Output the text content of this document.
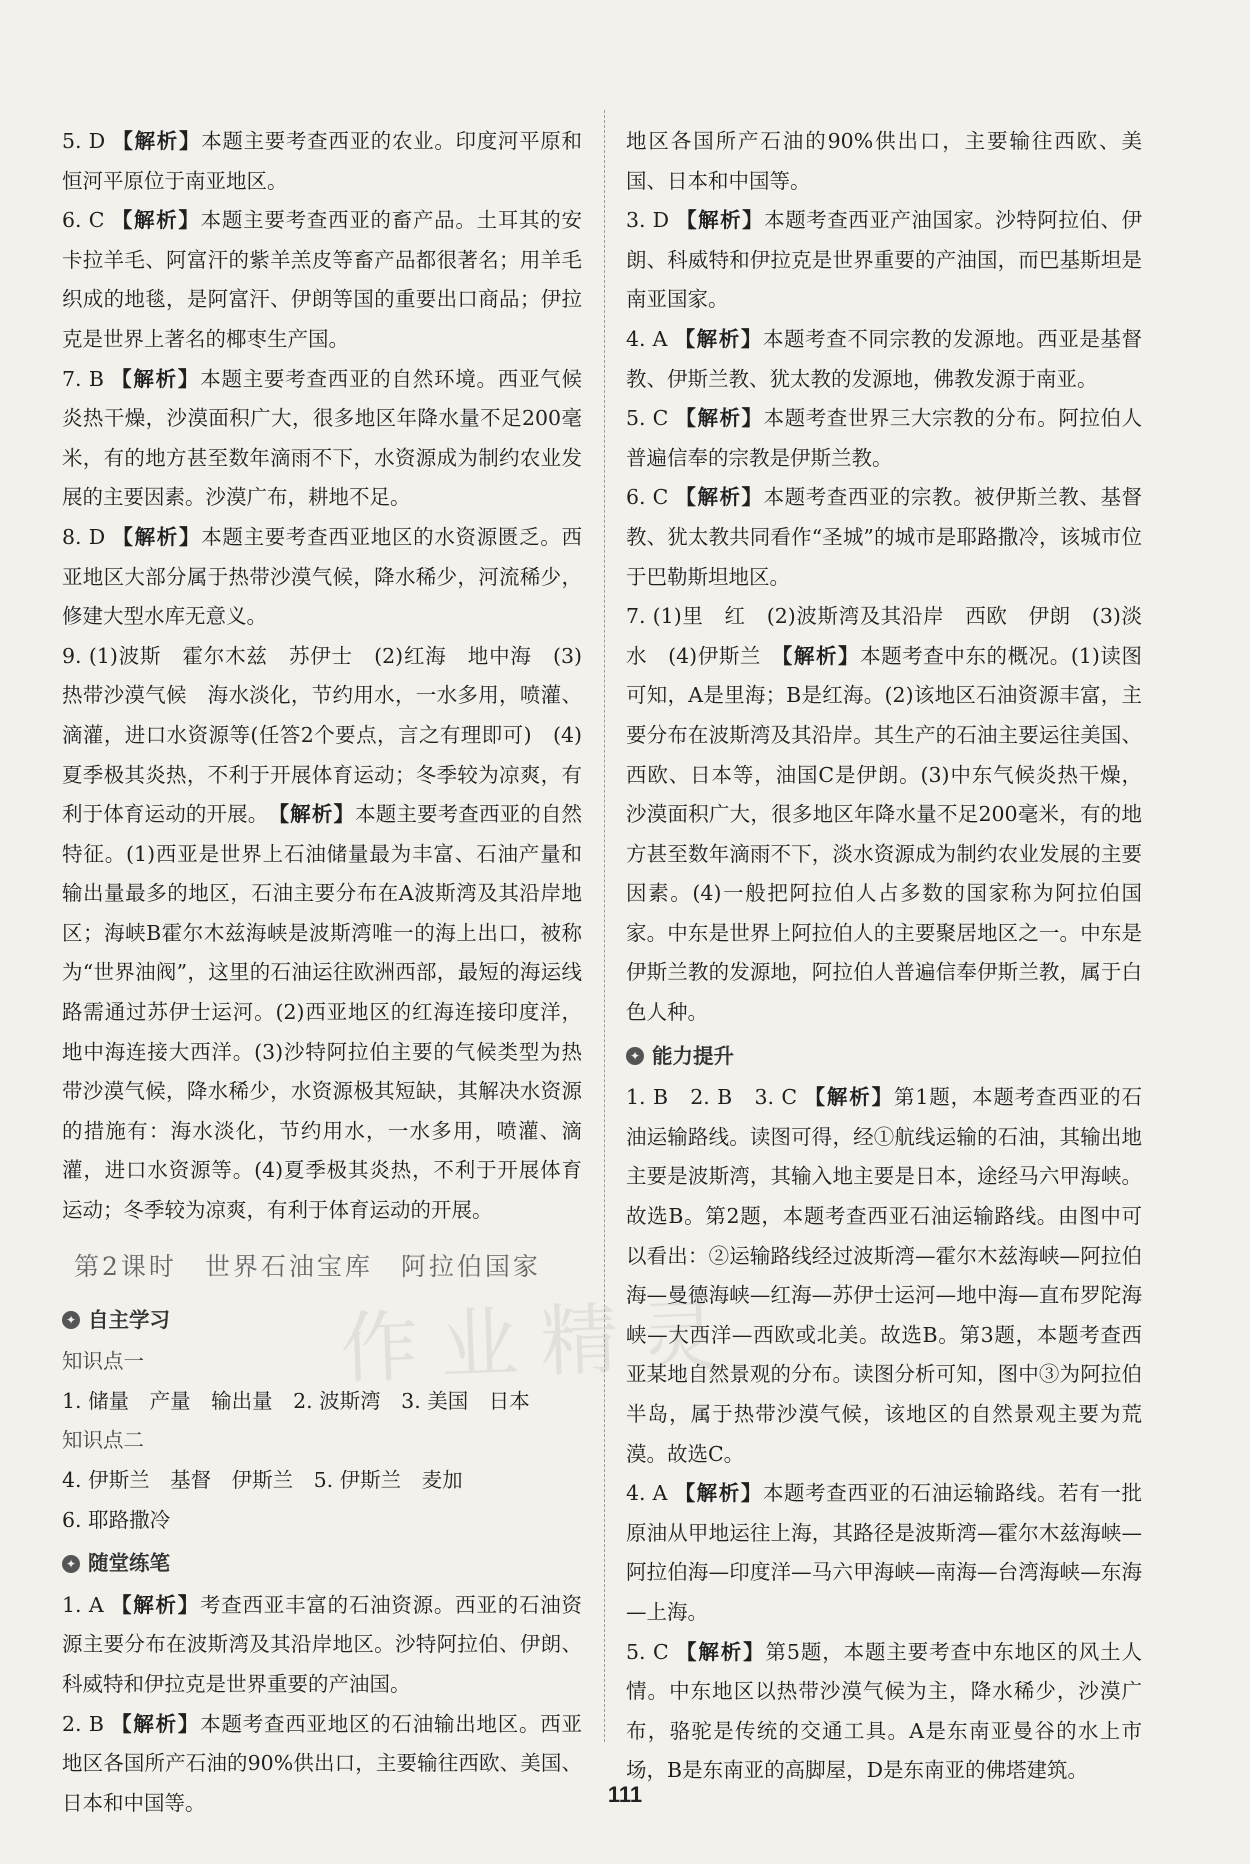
作业精灵

5. D 【解析】本题主要考查西亚的农业。印度河平原和恒河平原位于南亚地区。

6. C 【解析】本题主要考查西亚的畜产品。土耳其的安卡拉羊毛、阿富汗的紫羊羔皮等畜产品都很著名；用羊毛织成的地毯，是阿富汗、伊朗等国的重要出口商品；伊拉克是世界上著名的椰枣生产国。

7. B 【解析】本题主要考查西亚的自然环境。西亚气候炎热干燥，沙漠面积广大，很多地区年降水量不足200毫米，有的地方甚至数年滴雨不下，水资源成为制约农业发展的主要因素。沙漠广布，耕地不足。

8. D 【解析】本题主要考查西亚地区的水资源匮乏。西亚地区大部分属于热带沙漠气候，降水稀少，河流稀少，修建大型水库无意义。

9. (1)波斯　霍尔木兹　苏伊士　(2)红海　地中海　(3)热带沙漠气候　海水淡化，节约用水，一水多用，喷灌、滴灌，进口水资源等(任答2个要点，言之有理即可)　(4)夏季极其炎热，不利于开展体育运动；冬季较为凉爽，有利于体育运动的开展。　【解析】本题主要考查西亚的自然特征。(1)西亚是世界上石油储量最为丰富、石油产量和输出量最多的地区，石油主要分布在A波斯湾及其沿岸地区；海峡B霍尔木兹海峡是波斯湾唯一的海上出口，被称为“世界油阀”，这里的石油运往欧洲西部，最短的海运线路需通过苏伊士运河。(2)西亚地区的红海连接印度洋，地中海连接大西洋。(3)沙特阿拉伯主要的气候类型为热带沙漠气候，降水稀少，水资源极其短缺，其解决水资源的措施有：海水淡化，节约用水，一水多用，喷灌、滴灌，进口水资源等。(4)夏季极其炎热，不利于开展体育运动；冬季较为凉爽，有利于体育运动的开展。

第2课时　世界石油宝库　阿拉伯国家
✦ 自主学习

知识点一

1. 储量　产量　输出量　2. 波斯湾　3. 美国　日本

知识点二

4. 伊斯兰　基督　伊斯兰　5. 伊斯兰　麦加

6. 耶路撒冷

✦ 随堂练笔

1. A 【解析】考查西亚丰富的石油资源。西亚的石油资源主要分布在波斯湾及其沿岸地区。沙特阿拉伯、伊朗、科威特和伊拉克是世界重要的产油国。

2. B 【解析】本题考查西亚地区的石油输出地区。西亚地区各国所产石油的90%供出口，主要输往西欧、美国、日本和中国等。

地区各国所产石油的90%供出口，主要输往西欧、美国、日本和中国等。

3. D 【解析】本题考查西亚产油国家。沙特阿拉伯、伊朗、科威特和伊拉克是世界重要的产油国，而巴基斯坦是南亚国家。

4. A 【解析】本题考查不同宗教的发源地。西亚是基督教、伊斯兰教、犹太教的发源地，佛教发源于南亚。

5. C 【解析】本题考查世界三大宗教的分布。阿拉伯人普遍信奉的宗教是伊斯兰教。

6. C 【解析】本题考查西亚的宗教。被伊斯兰教、基督教、犹太教共同看作“圣城”的城市是耶路撒冷，该城市位于巴勒斯坦地区。

7. (1)里　红　(2)波斯湾及其沿岸　西欧　伊朗　(3)淡水　(4)伊斯兰　【解析】本题考查中东的概况。(1)读图可知，A是里海；B是红海。(2)该地区石油资源丰富，主要分布在波斯湾及其沿岸。其生产的石油主要运往美国、西欧、日本等，油国C是伊朗。(3)中东气候炎热干燥，沙漠面积广大，很多地区年降水量不足200毫米，有的地方甚至数年滴雨不下，淡水资源成为制约农业发展的主要因素。(4)一般把阿拉伯人占多数的国家称为阿拉伯国家。中东是世界上阿拉伯人的主要聚居地区之一。中东是伊斯兰教的发源地，阿拉伯人普遍信奉伊斯兰教，属于白色人种。

✦ 能力提升

1. B　2. B　3. C 【解析】第1题，本题考查西亚的石油运输路线。读图可得，经①航线运输的石油，其输出地主要是波斯湾，其输入地主要是日本，途经马六甲海峡。故选B。第2题，本题考查西亚石油运输路线。由图中可以看出：②运输路线经过波斯湾—霍尔木兹海峡—阿拉伯海—曼德海峡—红海—苏伊士运河—地中海—直布罗陀海峡—大西洋—西欧或北美。故选B。第3题，本题考查西亚某地自然景观的分布。读图分析可知，图中③为阿拉伯半岛，属于热带沙漠气候，该地区的自然景观主要为荒漠。故选C。

4. A 【解析】本题考查西亚的石油运输路线。若有一批原油从甲地运往上海，其路径是波斯湾—霍尔木兹海峡—阿拉伯海—印度洋—马六甲海峡—南海—台湾海峡—东海—上海。

5. C 【解析】第5题，本题主要考查中东地区的风土人情。中东地区以热带沙漠气候为主，降水稀少，沙漠广布，骆驼是传统的交通工具。A是东南亚曼谷的水上市场，B是东南亚的高脚屋，D是东南亚的佛塔建筑。

111
